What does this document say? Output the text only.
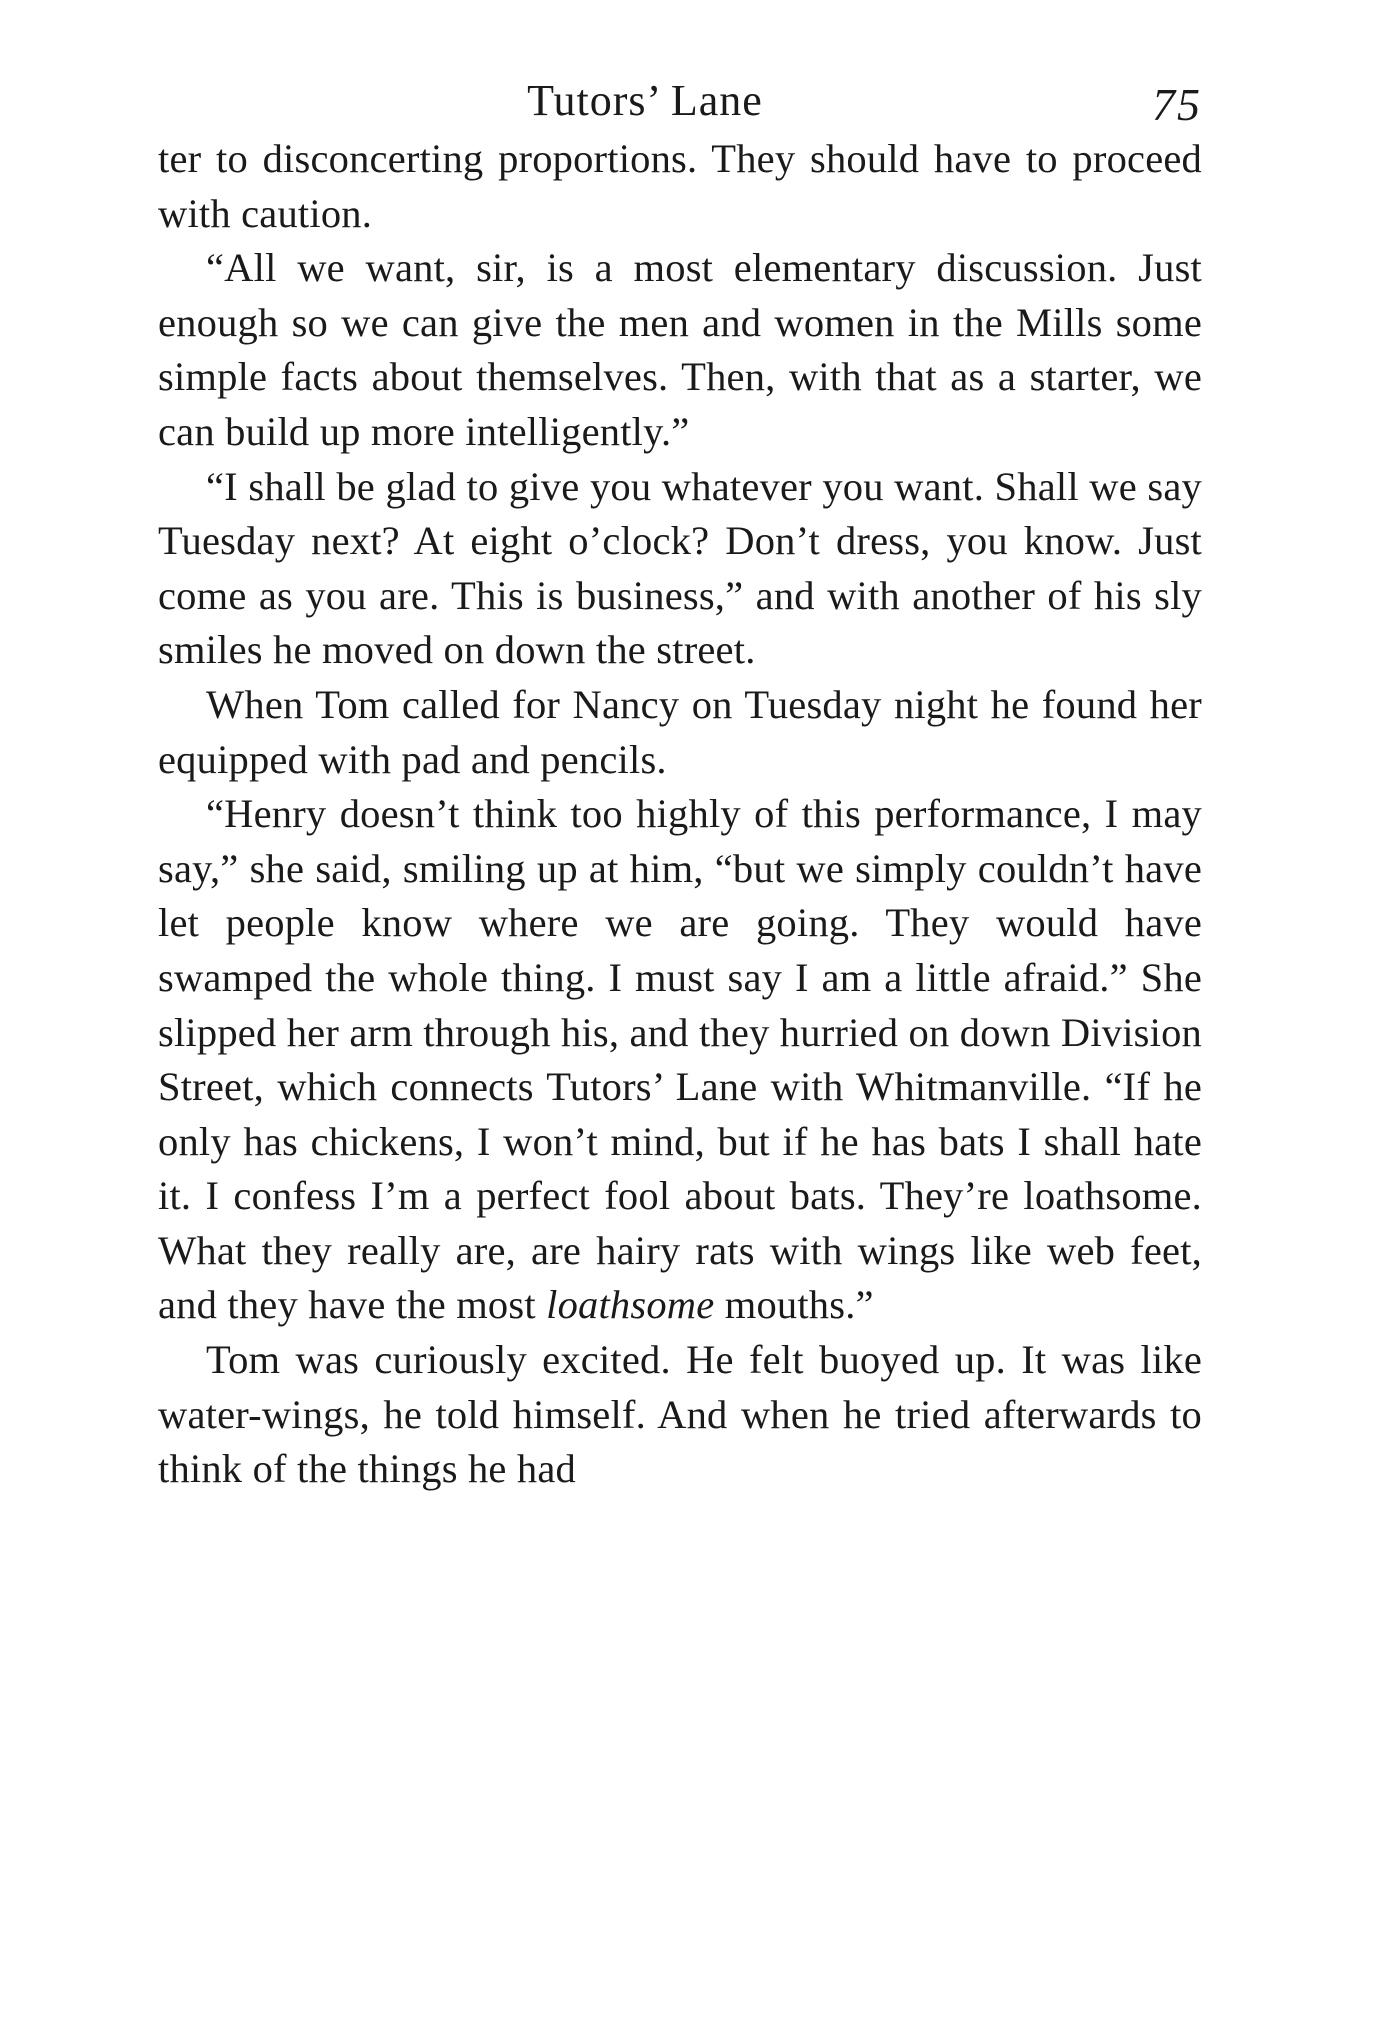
Tutors’ Lane	75

ter to disconcerting proportions. They should have to proceed with caution.

“All we want, sir, is a most elementary discussion. Just enough so we can give the men and women in the Mills some simple facts about themselves. Then, with that as a starter, we can build up more intelligently.”

“I shall be glad to give you whatever you want. Shall we say Tuesday next? At eight o’clock? Don’t dress, you know. Just come as you are. This is business,” and with another of his sly smiles he moved on down the street.

When Tom called for Nancy on Tuesday night he found her equipped with pad and pencils.

“Henry doesn’t think too highly of this performance, I may say,” she said, smiling up at him, “but we simply couldn’t have let people know where we are going. They would have swamped the whole thing. I must say I am a little afraid.” She slipped her arm through his, and they hurried on down Division Street, which connects Tutors’ Lane with Whitmanville. “If he only has chickens, I won’t mind, but if he has bats I shall hate it. I confess I’m a perfect fool about bats. They’re loathsome. What they really are, are hairy rats with wings like web feet, and they have the most loathsome mouths.”

Tom was curiously excited. He felt buoyed up. It was like water-wings, he told himself. And when he tried afterwards to think of the things he had
